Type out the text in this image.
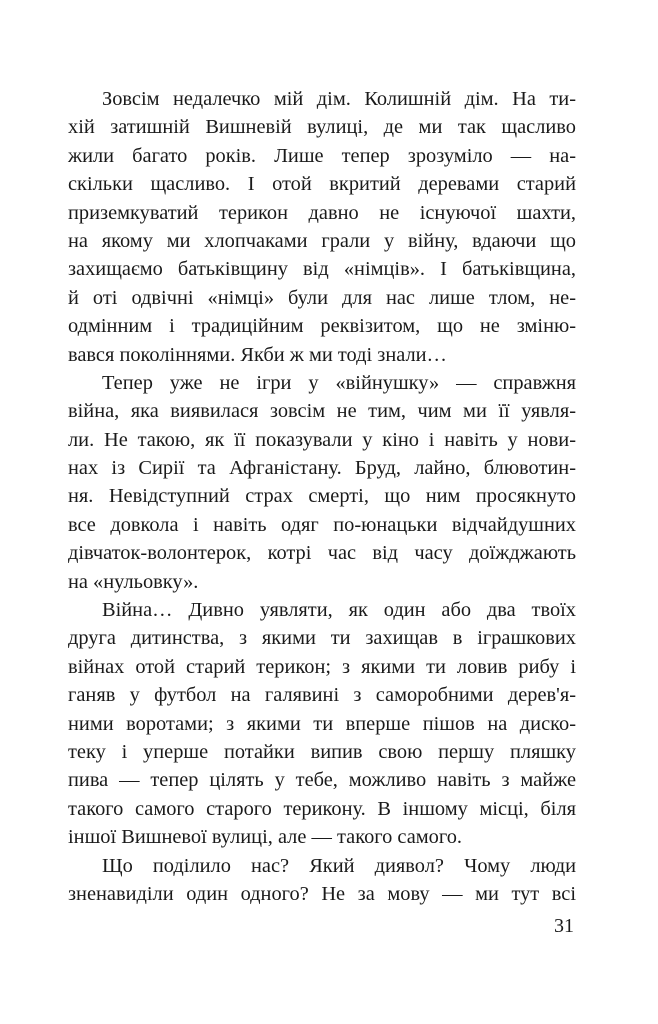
Зовсім недалечко мій дім. Колишній дім. На ти-
хій затишній Вишневій вулиці, де ми так щасливо
жили багато років. Лише тепер зрозуміло — на-
скільки щасливо. І отой вкритий деревами старий
приземкуватий терикон давно не існуючої шахти,
на якому ми хлопчаками грали у війну, вдаючи що
захищаємо батьківщину від «німців». І батьківщина,
й оті одвічні «німці» були для нас лише тлом, не-
одмінним і традиційним реквізитом, що не зміню-
вався поколіннями. Якби ж ми тоді знали…
Тепер уже не ігри у «війнушку» — справжня
війна, яка виявилася зовсім не тим, чим ми її уявля-
ли. Не такою, як її показували у кіно і навіть у нови-
нах із Сирії та Афганістану. Бруд, лайно, блювотин-
ня. Невідступний страх смерті, що ним просякнуто
все довкола і навіть одяг по-юнацьки відчайдушних
дівчаток-волонтерок, котрі час від часу доїжджають
на «нульовку».
Війна… Дивно уявляти, як один або два твоїх
друга дитинства, з якими ти захищав в іграшкових
війнах отой старий терикон; з якими ти ловив рибу і
ганяв у футбол на галявині з саморобними дерев'я-
ними воротами; з якими ти вперше пішов на диско-
теку і уперше потайки випив свою першу пляшку
пива — тепер цілять у тебе, можливо навіть з майже
такого самого старого терикону. В іншому місці, біля
іншої Вишневої вулиці, але — такого самого.
Що поділило нас? Який диявол? Чому люди
зненавиділи один одного? Не за мову — ми тут всі
31
